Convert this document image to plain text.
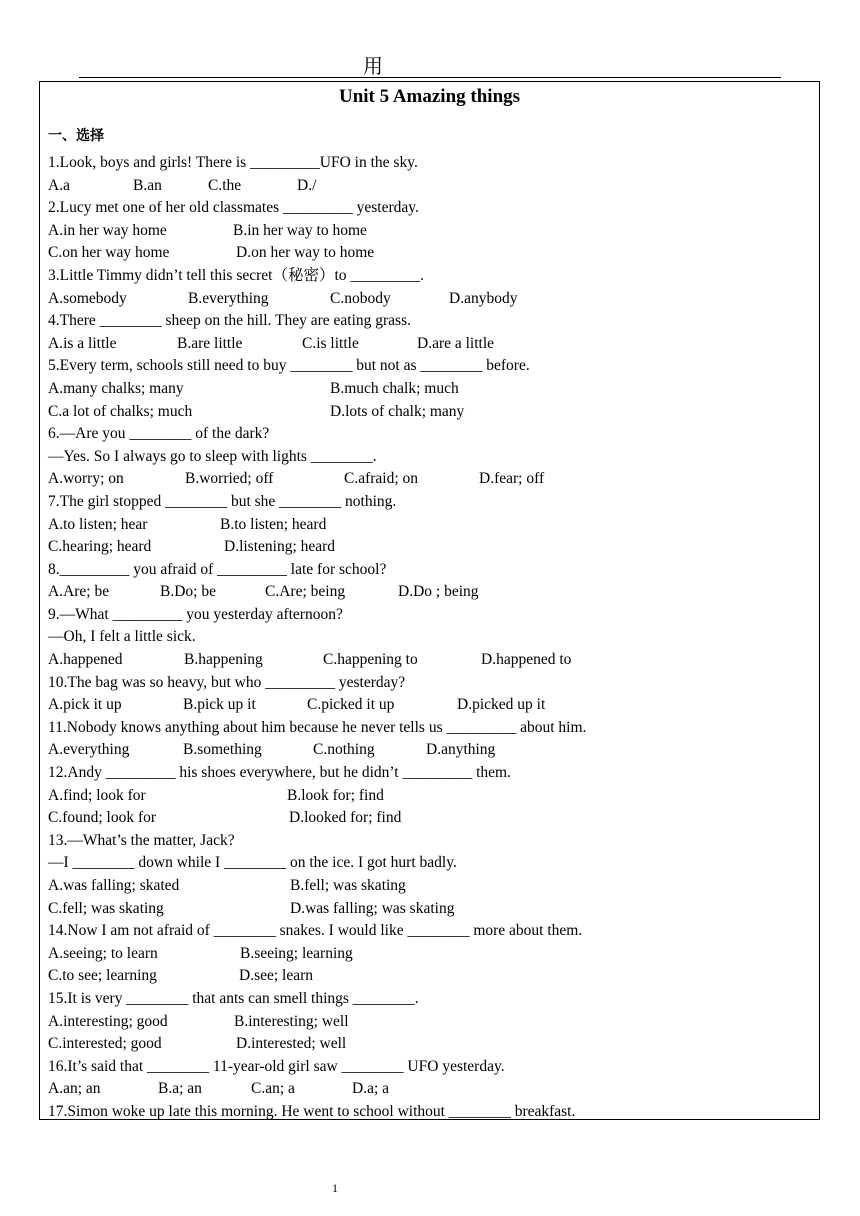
用
Unit 5 Amazing things
一、选择
1.Look, boys and girls! There is _________UFO in the sky.
A.a	B.an	C.the	D./
2.Lucy met one of her old classmates _________ yesterday.
A.in her way home	B.in her way to home
C.on her way home	D.on her way to home
3.Little Timmy didn’t tell this secret（秘密）to _________.
A.somebody	B.everything	C.nobody	D.anybody
4.There ________ sheep on the hill. They are eating grass.
A.is a little	B.are little	C.is little	D.are a little
5.Every term, schools still need to buy ________ but not as ________ before.
A.many chalks; many	B.much chalk; much
C.a lot of chalks; much	D.lots of chalk; many
6.—Are you ________ of the dark?
—Yes. So I always go to sleep with lights ________.
A.worry; on	B.worried; off	C.afraid; on	D.fear; off
7.The girl stopped ________ but she ________ nothing.
A.to listen; hear	B.to listen; heard
C.hearing; heard	D.listening; heard
8._________ you afraid of _________ late for school?
A.Are; be	B.Do; be	C.Are; being	D.Do ; being
9.—What _________ you yesterday afternoon?
—Oh, I felt a little sick.
A.happened	B.happening	C.happening to	D.happened to
10.The bag was so heavy, but who _________ yesterday?
A.pick it up	B.pick up it	C.picked it up	D.picked up it
11.Nobody knows anything about him because he never tells us _________ about him.
A.everything	B.something	C.nothing	D.anything
12.Andy _________ his shoes everywhere, but he didn’t _________ them.
A.find; look for	B.look for; find
C.found; look for	D.looked for; find
13.—What’s the matter, Jack?
—I ________ down while I ________ on the ice. I got hurt badly.
A.was falling; skated	B.fell; was skating
C.fell; was skating	D.was falling; was skating
14.Now I am not afraid of ________ snakes. I would like ________ more about them.
A.seeing; to learn	B.seeing; learning
C.to see; learning	D.see; learn
15.It is very ________ that ants can smell things ________.
A.interesting; good	B.interesting; well
C.interested; good	D.interested; well
16.It’s said that ________ 11-year-old girl saw ________ UFO yesterday.
A.an; an	B.a; an	C.an; a	D.a; a
17.Simon woke up late this morning. He went to school without ________ breakfast.
1
